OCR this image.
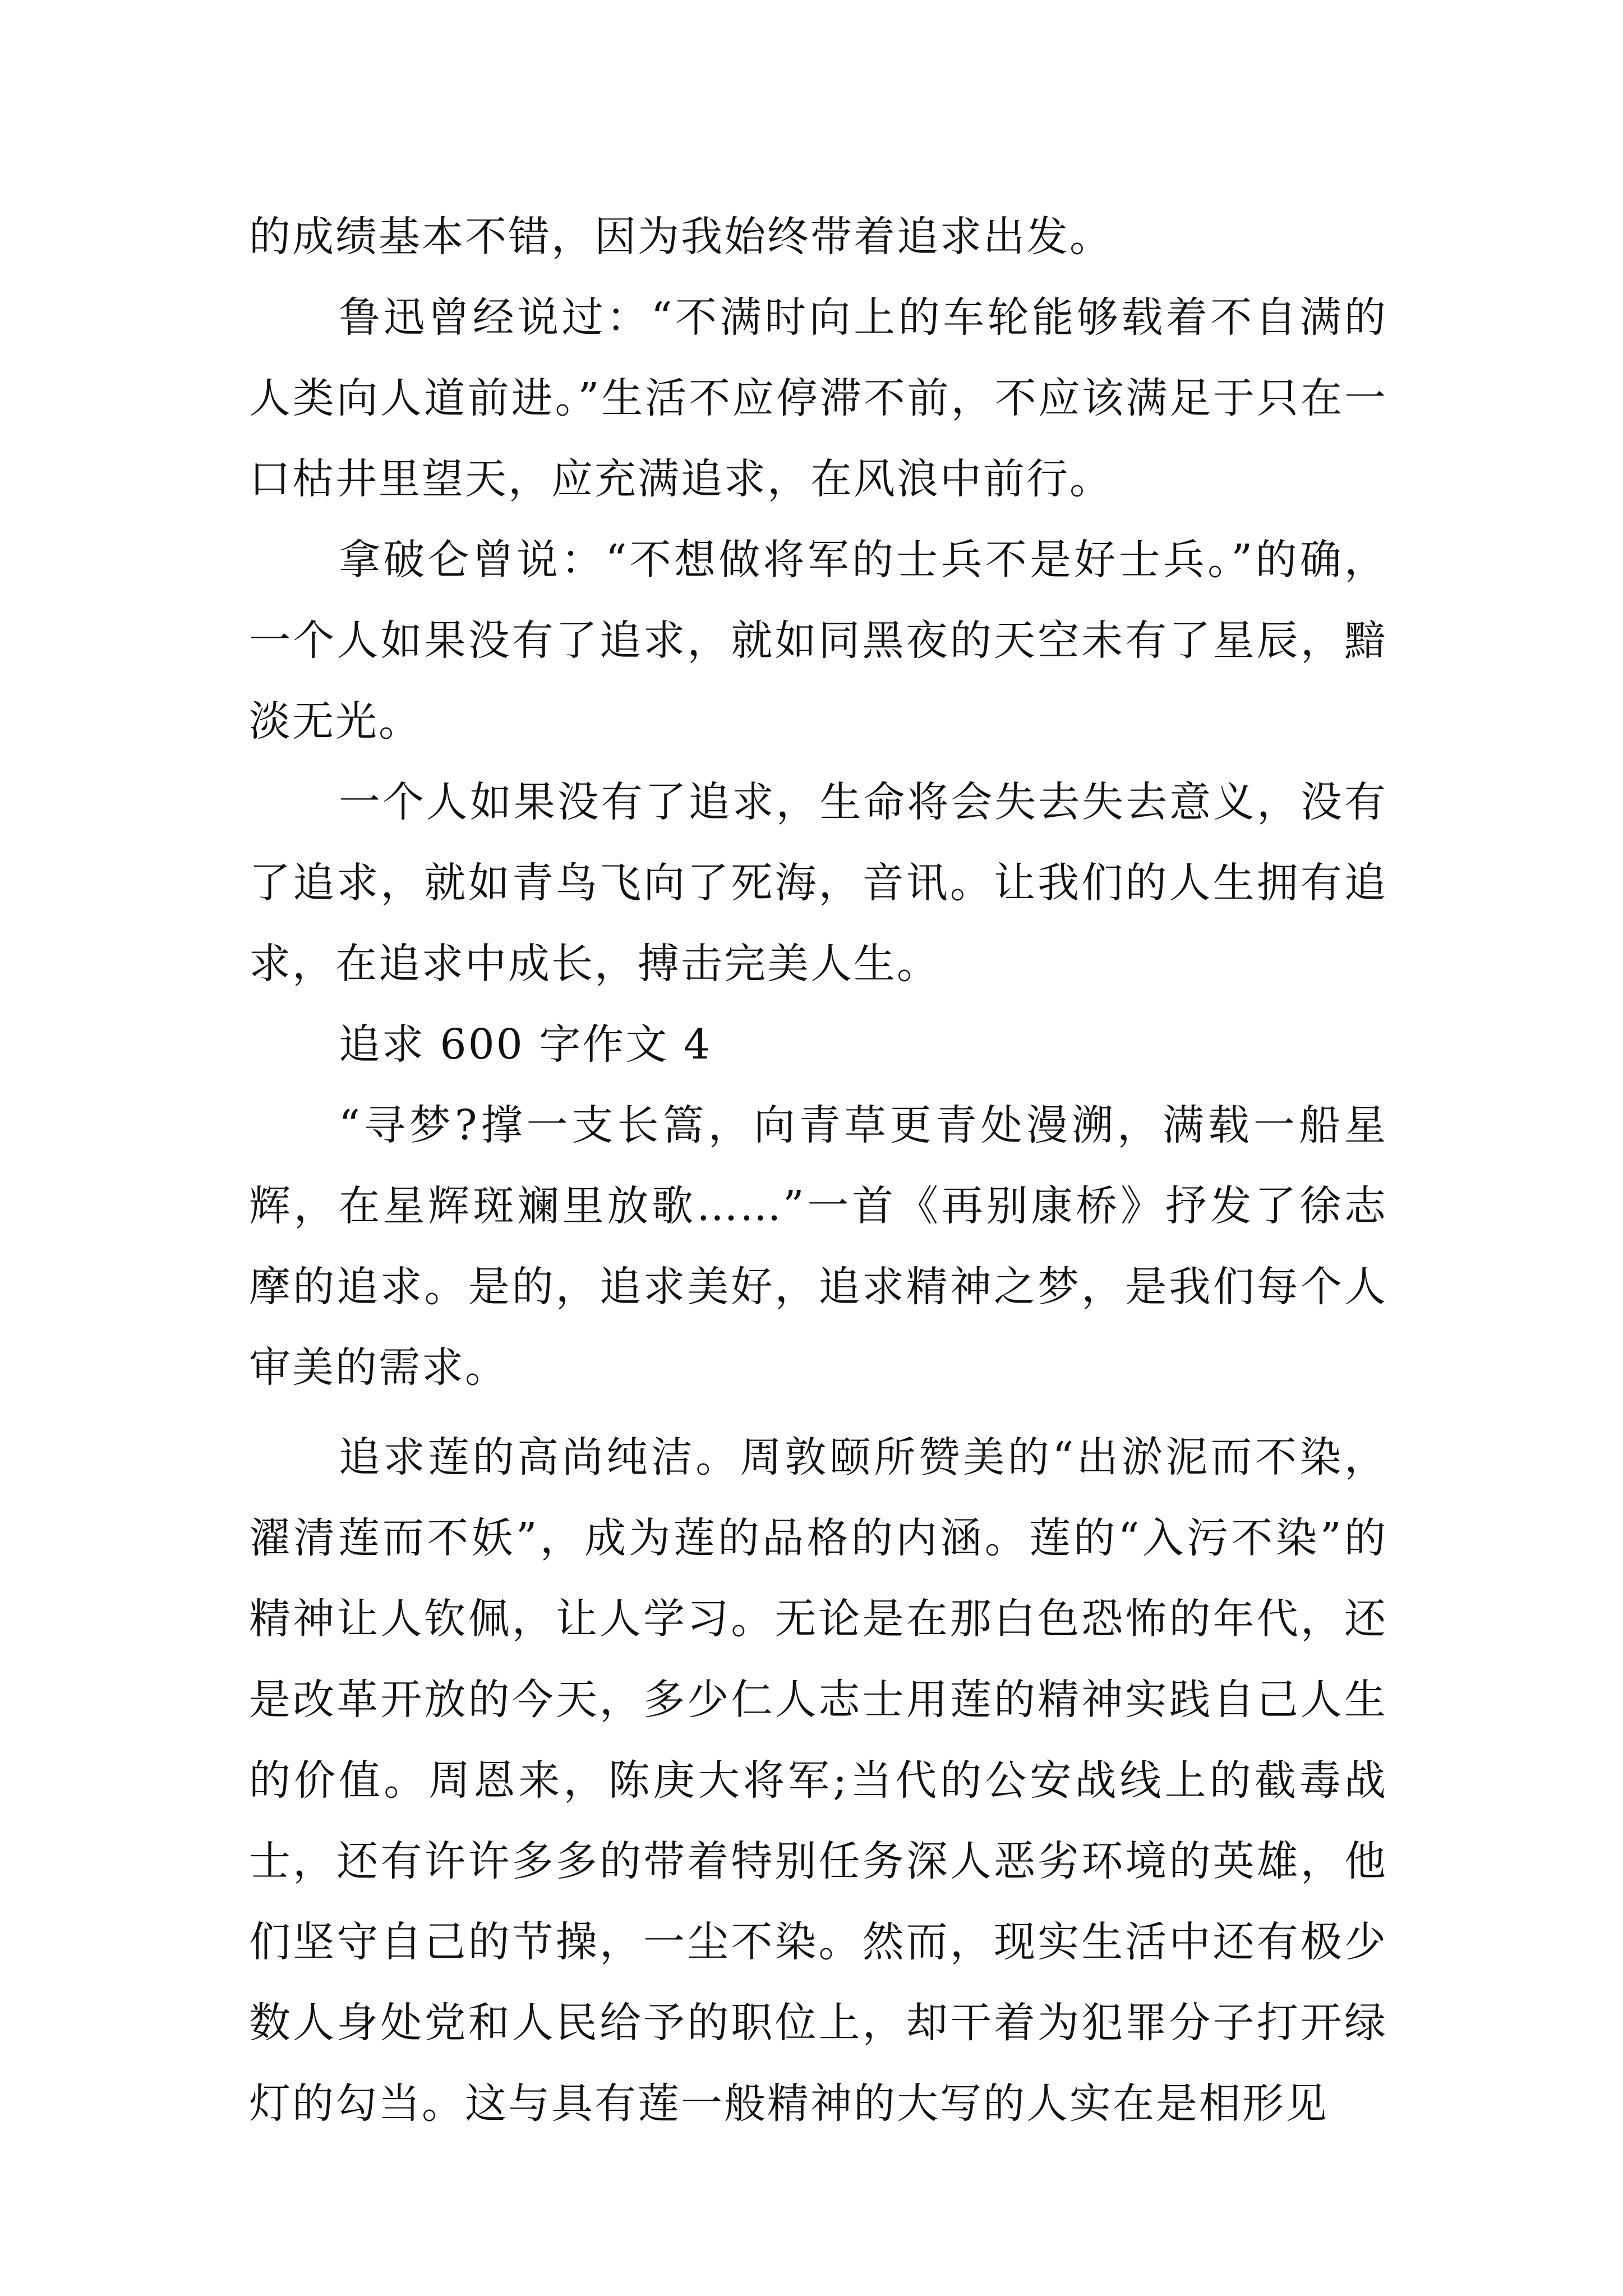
的成绩基本不错，因为我始终带着追求出发。

鲁迅曾经说过：“不满时向上的车轮能够载着不自满的人类向人道前进。”生活不应停滞不前，不应该满足于只在一口枯井里望天，应充满追求，在风浪中前行。

拿破仑曾说：“不想做将军的士兵不是好士兵。”的确，一个人如果没有了追求，就如同黑夜的天空未有了星辰，黯淡无光。

一个人如果没有了追求，生命将会失去失去意义，没有了追求，就如青鸟飞向了死海，音讯。让我们的人生拥有追求，在追求中成长，搏击完美人生。

追求 600 字作文 4

“寻梦?撑一支长篙，向青草更青处漫溯，满载一船星辉，在星辉斑斓里放歌……”一首《再别康桥》抒发了徐志摩的追求。是的，追求美好，追求精神之梦，是我们每个人审美的需求。

追求莲的高尚纯洁。周敦颐所赞美的“出淤泥而不染，濯清莲而不妖”，成为莲的品格的内涵。莲的“入污不染”的精神让人钦佩，让人学习。无论是在那白色恐怖的年代，还是改革开放的今天，多少仁人志士用莲的精神实践自己人生的价值。周恩来，陈庚大将军;当代的公安战线上的截毒战士，还有许许多多的带着特别任务深人恶劣环境的英雄，他们坚守自己的节操，一尘不染。然而，现实生活中还有极少数人身处党和人民给予的职位上，却干着为犯罪分子打开绿灯的勾当。这与具有莲一般精神的大写的人实在是相形见
